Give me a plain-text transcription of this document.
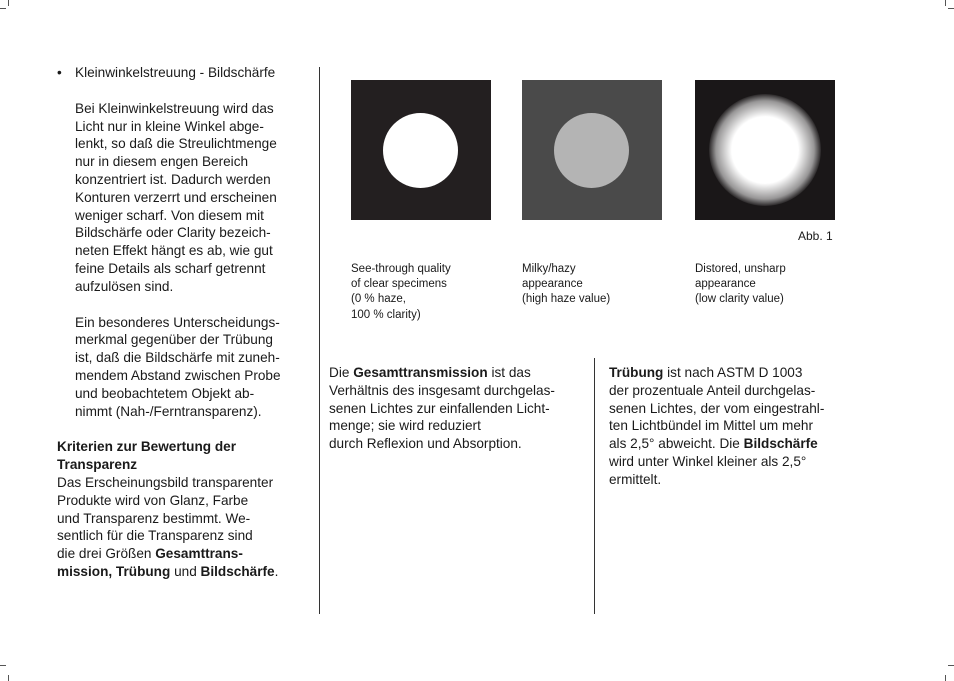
• Kleinwinkelstreuung - Bildschärfe
Bei Kleinwinkelstreuung wird das
Licht nur in kleine Winkel abge-
lenkt, so daß die Streulichtmenge
nur in diesem engen Bereich
konzentriert ist. Dadurch werden
Konturen verzerrt und erscheinen
weniger scharf. Von diesem mit
Bildschärfe oder Clarity bezeich-
neten Effekt hängt es ab, wie gut
feine Details als scharf getrennt
aufzulösen sind.
Ein besonderes Unterscheidungs-
merkmal gegenüber der Trübung
ist, daß die Bildschärfe mit zuneh-
mendem Abstand zwischen Probe
und beobachtetem Objekt ab-
nimmt (Nah-/Ferntransparenz).
Kriterien zur Bewertung der
Transparenz
Das Erscheinungsbild transparenter
Produkte wird von Glanz, Farbe
und Transparenz bestimmt. We-
sentlich für die Transparenz sind
die drei Größen Gesamttrans-
mission, Trübung und Bildschärfe.
Abb. 1
See-through quality
of clear specimens
(0 % haze,
100 % clarity)
Milky/hazy
appearance
(high haze value)
Distored, unsharp
appearance
(low clarity value)
Die Gesamttransmission ist das
Verhältnis des insgesamt durchgelas-
senen Lichtes zur einfallenden Licht-
menge; sie wird reduziert
durch Reflexion und Absorption.
Trübung ist nach ASTM D 1003
der prozentuale Anteil durchgelas-
senen Lichtes, der vom eingestrahl-
ten Lichtbündel im Mittel um mehr
als 2,5° abweicht. Die Bildschärfe
wird unter Winkel kleiner als 2,5°
ermittelt.
